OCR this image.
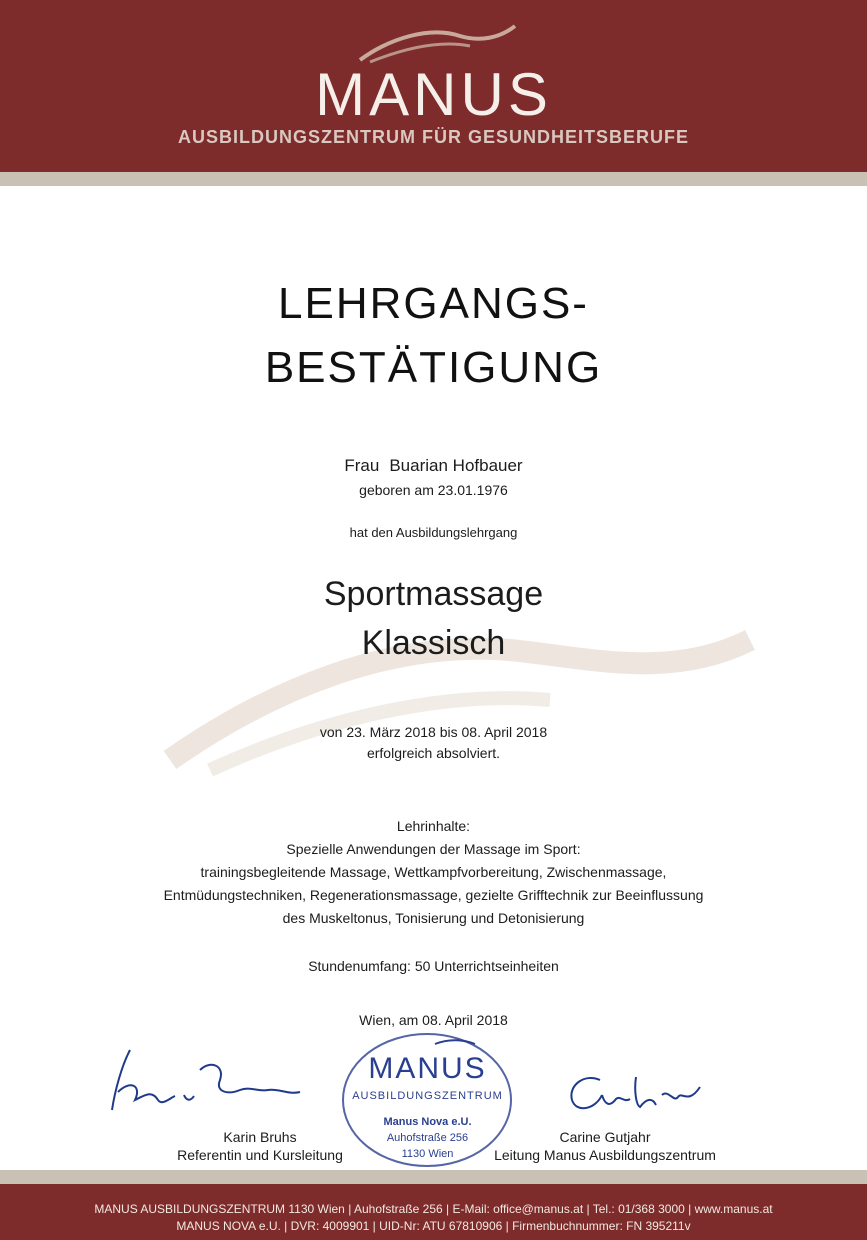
MANUS
AUSBILDUNGSZENTRUM FÜR GESUNDHEITSBERUFE
LEHRGANGS-
BESTÄTIGUNG
Frau Buarian Hofbauer
geboren am 23.01.1976
hat den Ausbildungslehrgang
Sportmassage
Klassisch
von 23. März 2018 bis 08. April 2018
erfolgreich absolviert.
Lehrinhalte:
Spezielle Anwendungen der Massage im Sport:
trainingsbegleitende Massage, Wettkampfvorbereitung, Zwischenmassage,
Entmüdungstechniken, Regenerationsmassage, gezielte Grifftechnik zur Beeinflussung
des Muskeltonus, Tonisierung und Detonisierung
Stundenumfang: 50 Unterrichtseinheiten
Wien, am 08. April 2018
Karin Bruhs
Referentin und Kursleitung
Carine Gutjahr
Leitung Manus Ausbildungszentrum
MANUS
AUSBILDUNGSZENTRUM
Manus Nova e.U.
Auhofstraße 256
1130 Wien
MANUS AUSBILDUNGSZENTRUM 1130 Wien | Auhofstraße 256 | E-Mail: office@manus.at | Tel.: 01/368 3000 | www.manus.at
MANUS NOVA e.U. | DVR: 4009901 | UID-Nr: ATU 67810906 | Firmenbuchnummer: FN 395211v
